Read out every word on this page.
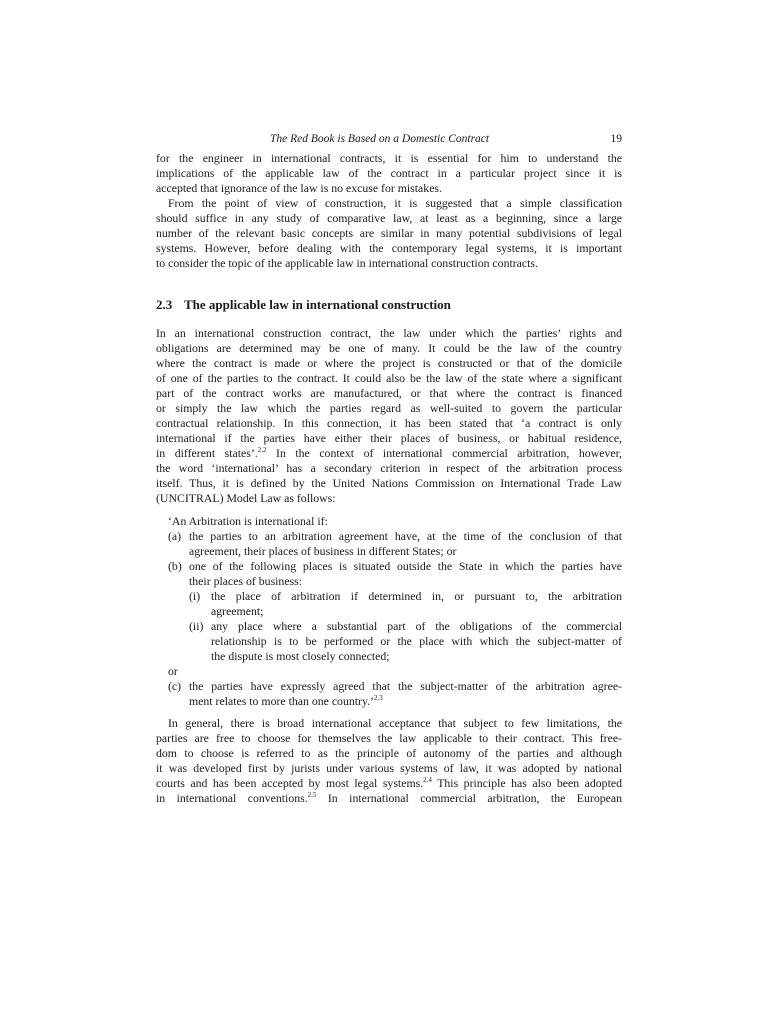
The Red Book is Based on a Domestic Contract	19
for the engineer in international contracts, it is essential for him to understand the
implications of the applicable law of the contract in a particular project since it is
accepted that ignorance of the law is no excuse for mistakes.
From the point of view of construction, it is suggested that a simple classification
should suffice in any study of comparative law, at least as a beginning, since a large
number of the relevant basic concepts are similar in many potential subdivisions of legal
systems. However, before dealing with the contemporary legal systems, it is important
to consider the topic of the applicable law in international construction contracts.
2.3 The applicable law in international construction
In an international construction contract, the law under which the parties’ rights and
obligations are determined may be one of many. It could be the law of the country
where the contract is made or where the project is constructed or that of the domicile
of one of the parties to the contract. It could also be the law of the state where a significant
part of the contract works are manufactured, or that where the contract is financed
or simply the law which the parties regard as well-suited to govern the particular
contractual relationship. In this connection, it has been stated that ‘a contract is only
international if the parties have either their places of business, or habitual residence,
in different states’.$^{2.2}$ In the context of international commercial arbitration, however,
the word ‘international’ has a secondary criterion in respect of the arbitration process
itself. Thus, it is defined by the United Nations Commission on International Trade Law
(UNCITRAL) Model Law as follows:
‘An Arbitration is international if:
(a) the parties to an arbitration agreement have, at the time of the conclusion of that
agreement, their places of business in different States; or
(b) one of the following places is situated outside the State in which the parties have
their places of business:
(i) the place of arbitration if determined in, or pursuant to, the arbitration
agreement;
(ii) any place where a substantial part of the obligations of the commercial
relationship is to be performed or the place with which the subject-matter of
the dispute is most closely connected;
or
(c) the parties have expressly agreed that the subject-matter of the arbitration agree-
ment relates to more than one country.’$^{2.3}$
In general, there is broad international acceptance that subject to few limitations, the
parties are free to choose for themselves the law applicable to their contract. This free-
dom to choose is referred to as the principle of autonomy of the parties and although
it was developed first by jurists under various systems of law, it was adopted by national
courts and has been accepted by most legal systems.$^{2.4}$ This principle has also been adopted
in international conventions.$^{2.5}$ In international commercial arbitration, the European
